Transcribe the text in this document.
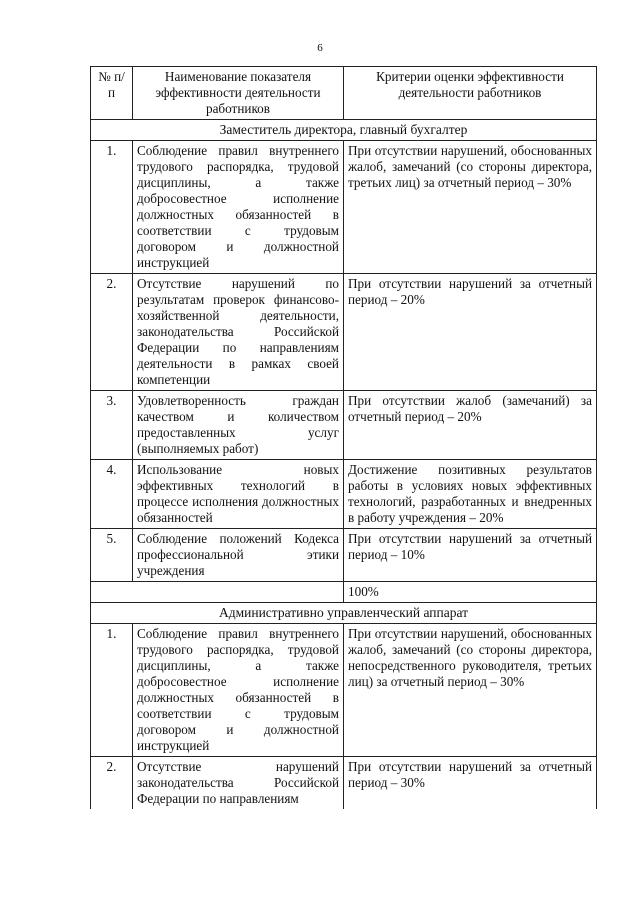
6
№ п/п	Наименование показателя эффективности деятельности работников	Критерии оценки эффективности деятельности работников
Заместитель директора, главный бухгалтер		
1.	Соблюдение правил внутреннего трудового распорядка, трудовой дисциплины, а также добросовестное исполнение должностных обязанностей в соответствии с трудовым договором и должностной инструкцией	При отсутствии нарушений, обоснованных жалоб, замечаний (со стороны директора, третьих лиц) за отчетный период – 30%
2.	Отсутствие нарушений по результатам проверок финансово-хозяйственной деятельности, законодательства Российской Федерации по направлениям деятельности в рамках своей компетенции	При отсутствии нарушений за отчетный период – 20%
3.	Удовлетворенность граждан качеством и количеством предоставленных услуг (выполняемых работ)	При отсутствии жалоб (замечаний) за отчетный период – 20%
4.	Использование новых эффективных технологий в процессе исполнения должностных обязанностей	Достижение позитивных результатов работы в условиях новых эффективных технологий, разработанных и внедренных в работу учреждения – 20%
5.	Соблюдение положений Кодекса профессиональной этики учреждения	При отсутствии нарушений за отчетный период – 10%
		100%
Административно управленческий аппарат		
1.	Соблюдение правил внутреннего трудового распорядка, трудовой дисциплины, а также добросовестное исполнение должностных обязанностей в соответствии с трудовым договором и должностной инструкцией	При отсутствии нарушений, обоснованных жалоб, замечаний (со стороны директора, непосредственного руководителя, третьих лиц) за отчетный период – 30%
2.	Отсутствие нарушений законодательства Российской Федерации по направлениям	При отсутствии нарушений за отчетный период – 30%
